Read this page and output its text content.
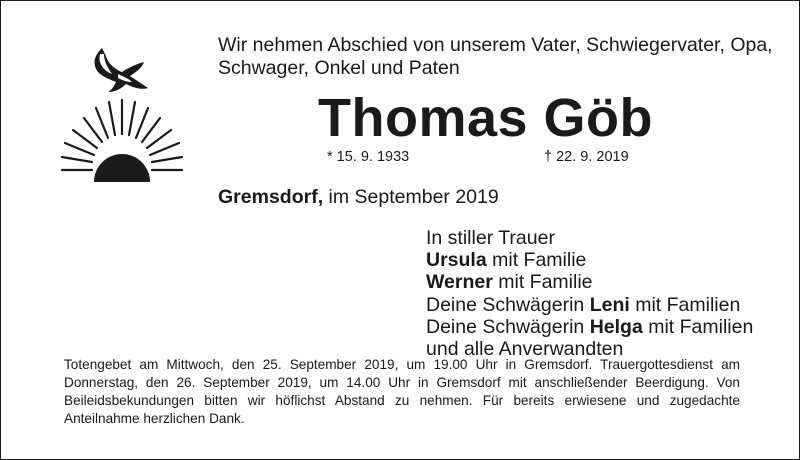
Wir nehmen Abschied von unserem Vater, Schwiegervater, Opa,
Schwager, Onkel und Paten
Thomas Göb
* 15. 9. 1933	† 22. 9. 2019
Gremsdorf, im September 2019
In stiller Trauer
Ursula mit Familie
Werner mit Familie
Deine Schwägerin Leni mit Familien
Deine Schwägerin Helga mit Familien
und alle Anverwandten
Totengebet am Mittwoch, den 25. September 2019, um 19.00 Uhr in Gremsdorf. Trauergottesdienst am Donnerstag, den 26. September 2019, um 14.00 Uhr in Gremsdorf mit anschließender Beerdigung. Von Beileidsbekundungen bitten wir höflichst Abstand zu nehmen. Für bereits erwiesene und zugedachte Anteilnahme herzlichen Dank.
